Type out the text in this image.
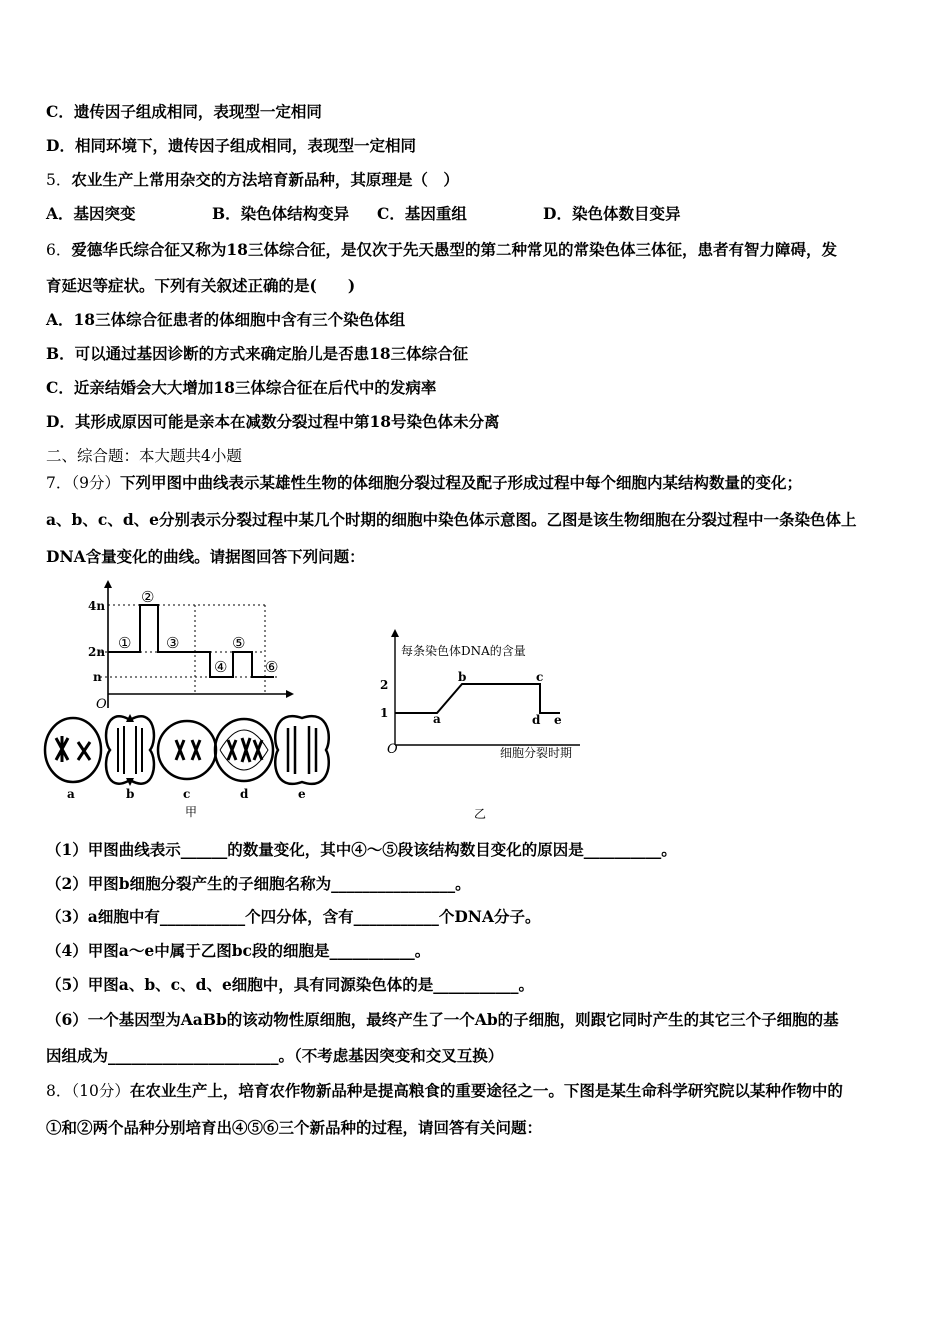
C．遗传因子组成相同，表现型一定相同
D．相同环境下，遗传因子组成相同，表现型一定相同
5．农业生产上常用杂交的方法培育新品种，其原理是（　）
A．基因突变	B．染色体结构变异 C．基因重组	D．染色体数目变异
6．爱德华氏综合征又称为18三体综合征，是仅次于先天愚型的第二种常见的常染色体三体征，患者有智力障碍，发
育延迟等症状。下列有关叙述正确的是(　　)
A．18三体综合征患者的体细胞中含有三个染色体组
B．可以通过基因诊断的方式来确定胎儿是否患18三体综合征
C．近亲结婚会大大增加18三体综合征在后代中的发病率
D．其形成原因可能是亲本在减数分裂过程中第18号染色体未分离
二、综合题：本大题共4小题
7．（9分）下列甲图中曲线表示某雄性生物的体细胞分裂过程及配子形成过程中每个细胞内某结构数量的变化；
a、b、c、d、e分别表示分裂过程中某几个时期的细胞中染色体示意图。乙图是该生物细胞在分裂过程中一条染色体上
DNA含量变化的曲线。请据图回答下列问题：
4n
2n
n
O
①
②
③
④
⑤
⑥
a	b	c	d	e
甲
每条染色体DNA的含量
2
1	a
b	c
d e
O	细胞分裂时期
乙
（1）甲图曲线表示______的数量变化，其中④～⑤段该结构数目变化的原因是__________。
（2）甲图b细胞分裂产生的子细胞名称为________________。
（3）a细胞中有___________个四分体，含有___________个DNA分子。
（4）甲图a～e中属于乙图bc段的细胞是___________。
（5）甲图a、b、c、d、e细胞中，具有同源染色体的是___________。
（6）一个基因型为AaBb的该动物性原细胞，最终产生了一个Ab的子细胞，则跟它同时产生的其它三个子细胞的基
因组成为______________________。（不考虑基因突变和交叉互换）
8．（10分）在农业生产上，培育农作物新品种是提高粮食的重要途径之一。下图是某生命科学研究院以某种作物中的
①和②两个品种分别培育出④⑤⑥三个新品种的过程，请回答有关问题：
